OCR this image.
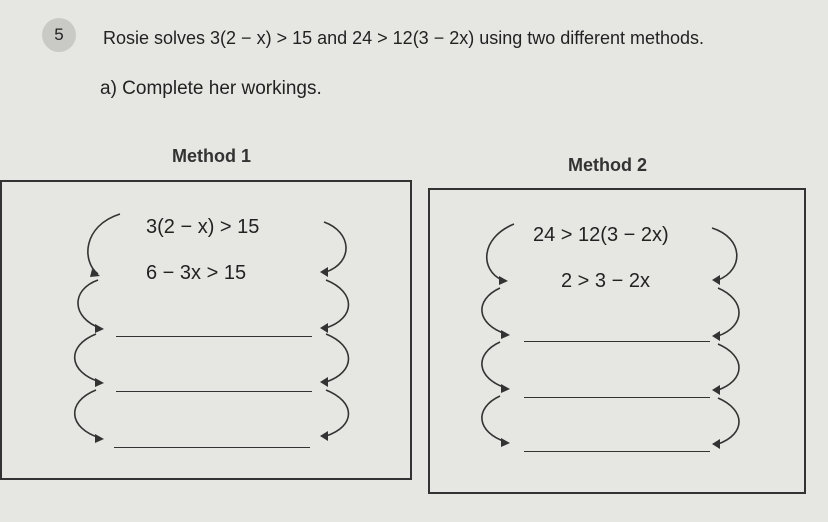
5 Rosie solves 3(2 − x) > 15 and 24 > 12(3 − 2x) using two different methods.
a) Complete her workings.
Method 1
3(2 − x) > 15
6 − 3x > 15
Method 2
24 > 12(3 − 2x)
2 > 3 − 2x
